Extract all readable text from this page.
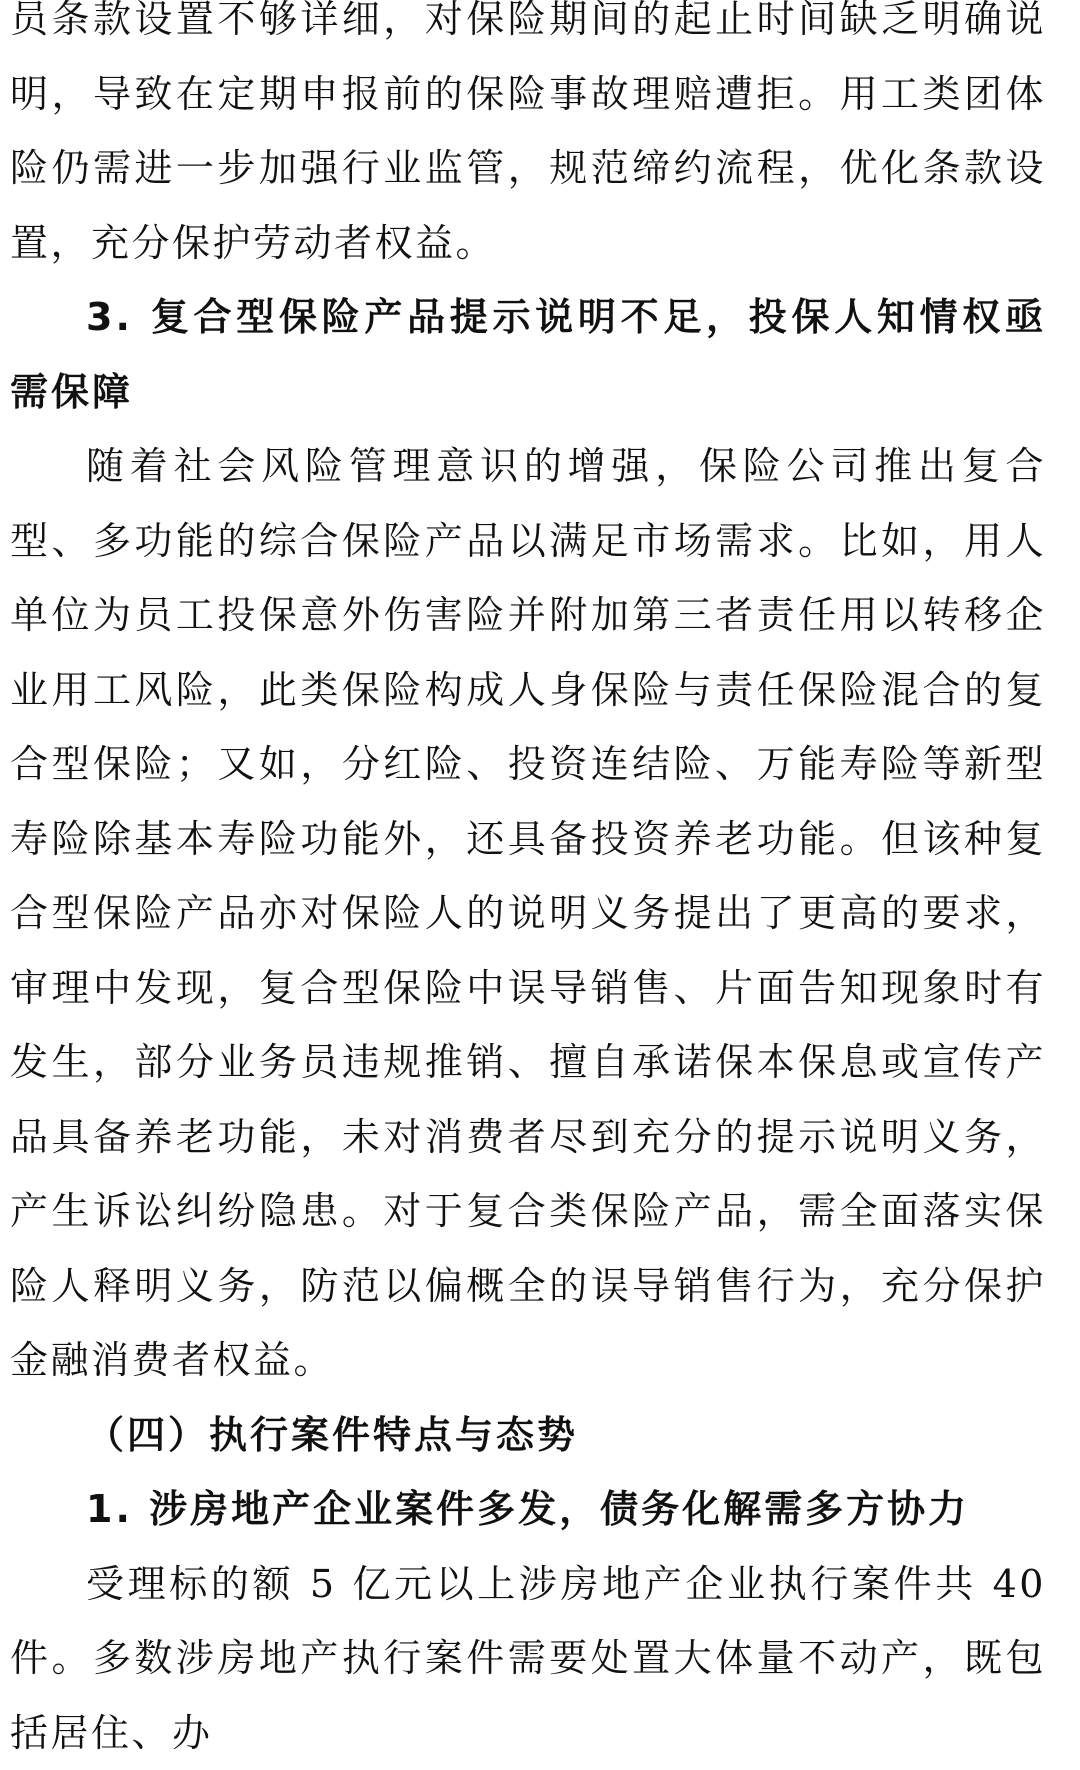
员条款设置不够详细，对保险期间的起止时间缺乏明确说明，导致在定期申报前的保险事故理赔遭拒。用工类团体险仍需进一步加强行业监管，规范缔约流程，优化条款设置，充分保护劳动者权益。

3. 复合型保险产品提示说明不足，投保人知情权亟需保障

随着社会风险管理意识的增强，保险公司推出复合型、多功能的综合保险产品以满足市场需求。比如，用人单位为员工投保意外伤害险并附加第三者责任用以转移企业用工风险，此类保险构成人身保险与责任保险混合的复合型保险；又如，分红险、投资连结险、万能寿险等新型寿险除基本寿险功能外，还具备投资养老功能。但该种复合型保险产品亦对保险人的说明义务提出了更高的要求，审理中发现，复合型保险中误导销售、片面告知现象时有发生，部分业务员违规推销、擅自承诺保本保息或宣传产品具备养老功能，未对消费者尽到充分的提示说明义务，产生诉讼纠纷隐患。对于复合类保险产品，需全面落实保险人释明义务，防范以偏概全的误导销售行为，充分保护金融消费者权益。

（四）执行案件特点与态势

1. 涉房地产企业案件多发，债务化解需多方协力

受理标的额 5 亿元以上涉房地产企业执行案件共 40 件。多数涉房地产执行案件需要处置大体量不动产，既包括居住、办
